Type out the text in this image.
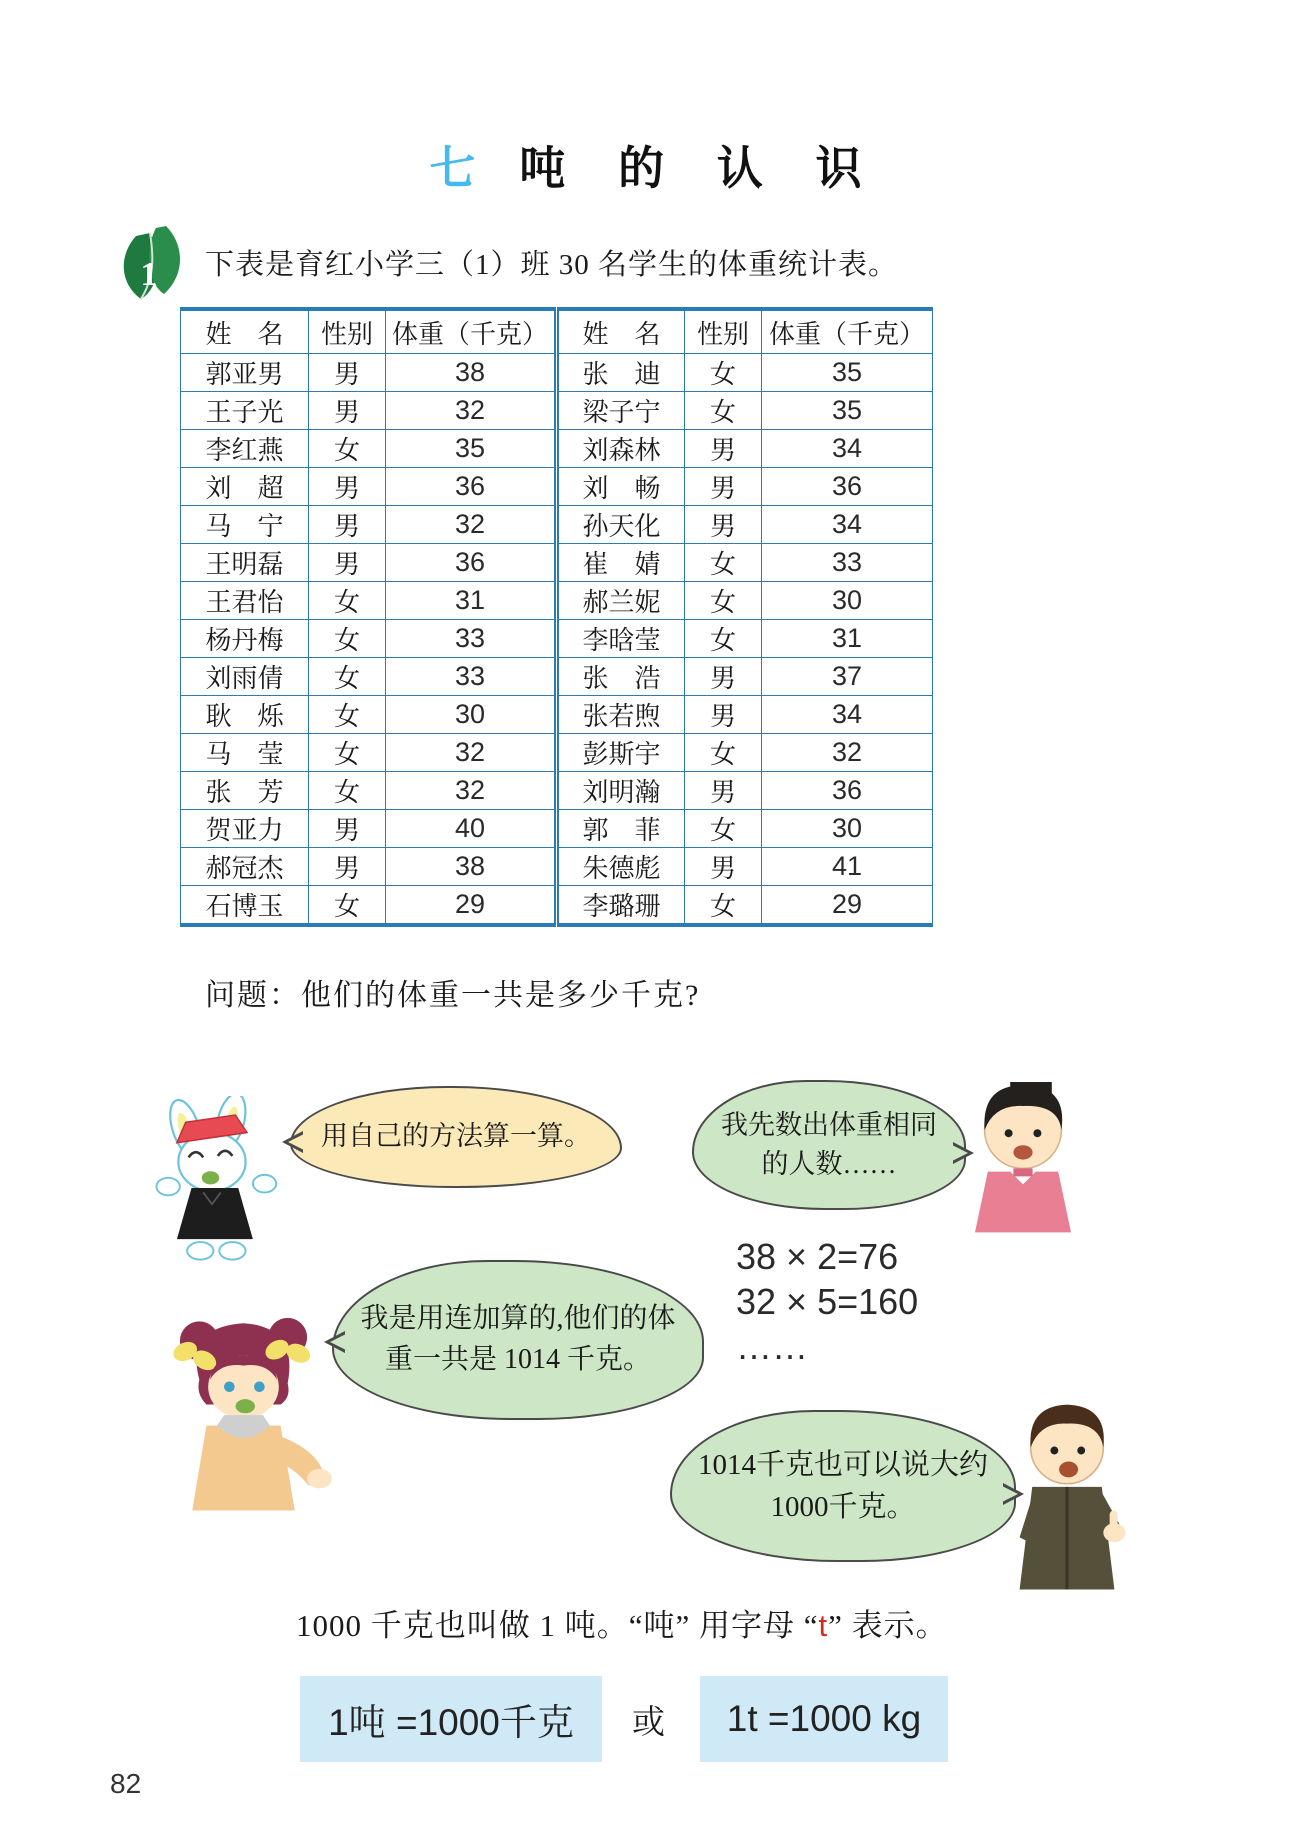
七 吨 的 认 识
1 下表是育红小学三（1）班 30 名学生的体重统计表。
姓　名	性别	体重（千克）	姓　名	性别	体重（千克）
郭亚男	男	38	张　迪	女	35
王子光	男	32	梁子宁	女	35
李红燕	女	35	刘森林	男	34
刘　超	男	36	刘　畅	男	36
马　宁	男	32	孙天化	男	34
王明磊	男	36	崔　婧	女	33
王君怡	女	31	郝兰妮	女	30
杨丹梅	女	33	李晗莹	女	31
刘雨倩	女	33	张　浩	男	37
耿　烁	女	30	张若煦	男	34
马　莹	女	32	彭斯宇	女	32
张　芳	女	32	刘明瀚	男	36
贺亚力	男	40	郭　菲	女	30
郝冠杰	男	38	朱德彪	男	41
石博玉	女	29	李璐珊	女	29
问题：他们的体重一共是多少千克?
用自己的方法算一算。	我先数出体重相同的人数……
38 × 2=76
32 × 5=160
……
我是用连加算的,他们的体重一共是 1014 千克。
1014千克也可以说大约1000千克。
1000 千克也叫做 1 吨。“吨” 用字母 “t” 表示。
1吨 =1000千克 或 1t =1000 kg
82
